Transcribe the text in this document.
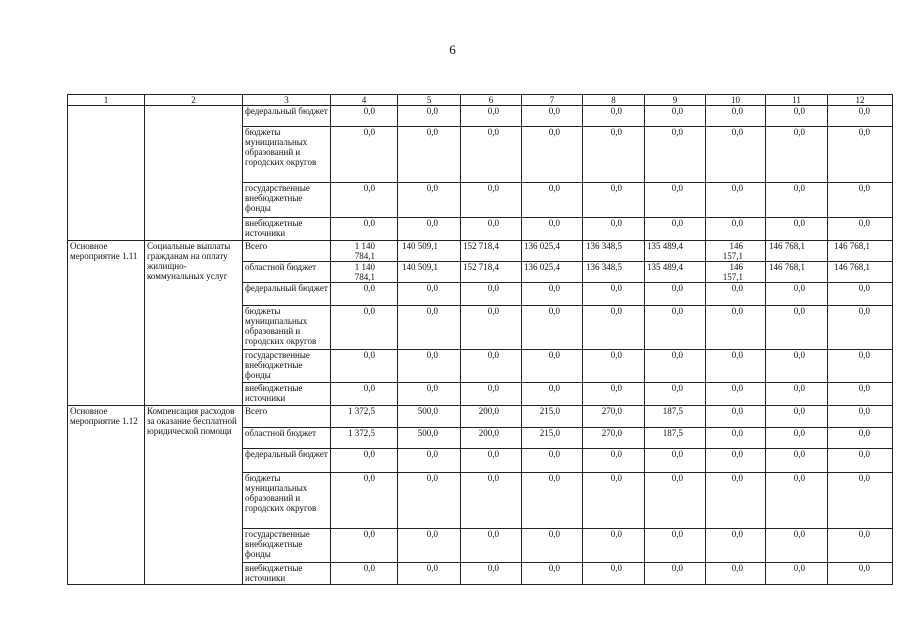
6
1	2	3	4	5	6	7	8	9	10	11	12
		федеральный бюджет	0,0	0,0	0,0	0,0	0,0	0,0	0,0	0,0	0,0
		бюджеты муниципальных образований и городских округов	0,0	0,0	0,0	0,0	0,0	0,0	0,0	0,0	0,0
		государственные внебюджетные фонды	0,0	0,0	0,0	0,0	0,0	0,0	0,0	0,0	0,0
		внебюджетные источники	0,0	0,0	0,0	0,0	0,0	0,0	0,0	0,0	0,0
Основное мероприятие 1.11	Социальные выплаты гражданам на оплату жилищно-коммунальных услуг	Всего	1 140 784,1	140 509,1	152 718,4	136 025,4	136 348,5	135 489,4	146 157,1	146 768,1	146 768,1
		областной бюджет	1 140 784,1	140 509,1	152 718,4	136 025,4	136 348,5	135 489,4	146 157,1	146 768,1	146 768,1
		федеральный бюджет	0,0	0,0	0,0	0,0	0,0	0,0	0,0	0,0	0,0
		бюджеты муниципальных образований и городских округов	0,0	0,0	0,0	0,0	0,0	0,0	0,0	0,0	0,0
		государственные внебюджетные фонды	0,0	0,0	0,0	0,0	0,0	0,0	0,0	0,0	0,0
		внебюджетные источники	0,0	0,0	0,0	0,0	0,0	0,0	0,0	0,0	0,0
Основное мероприятие 1.12	Компенсация расходов за оказание бесплатной юридической помощи	Всего	1 372,5	500,0	200,0	215,0	270,0	187,5	0,0	0,0	0,0
		областной бюджет	1 372,5	500,0	200,0	215,0	270,0	187,5	0,0	0,0	0,0
		федеральный бюджет	0,0	0,0	0,0	0,0	0,0	0,0	0,0	0,0	0,0
		бюджеты муниципальных образований и городских округов	0,0	0,0	0,0	0,0	0,0	0,0	0,0	0,0	0,0
		государственные внебюджетные фонды	0,0	0,0	0,0	0,0	0,0	0,0	0,0	0,0	0,0
		внебюджетные источники	0,0	0,0	0,0	0,0	0,0	0,0	0,0	0,0	0,0
